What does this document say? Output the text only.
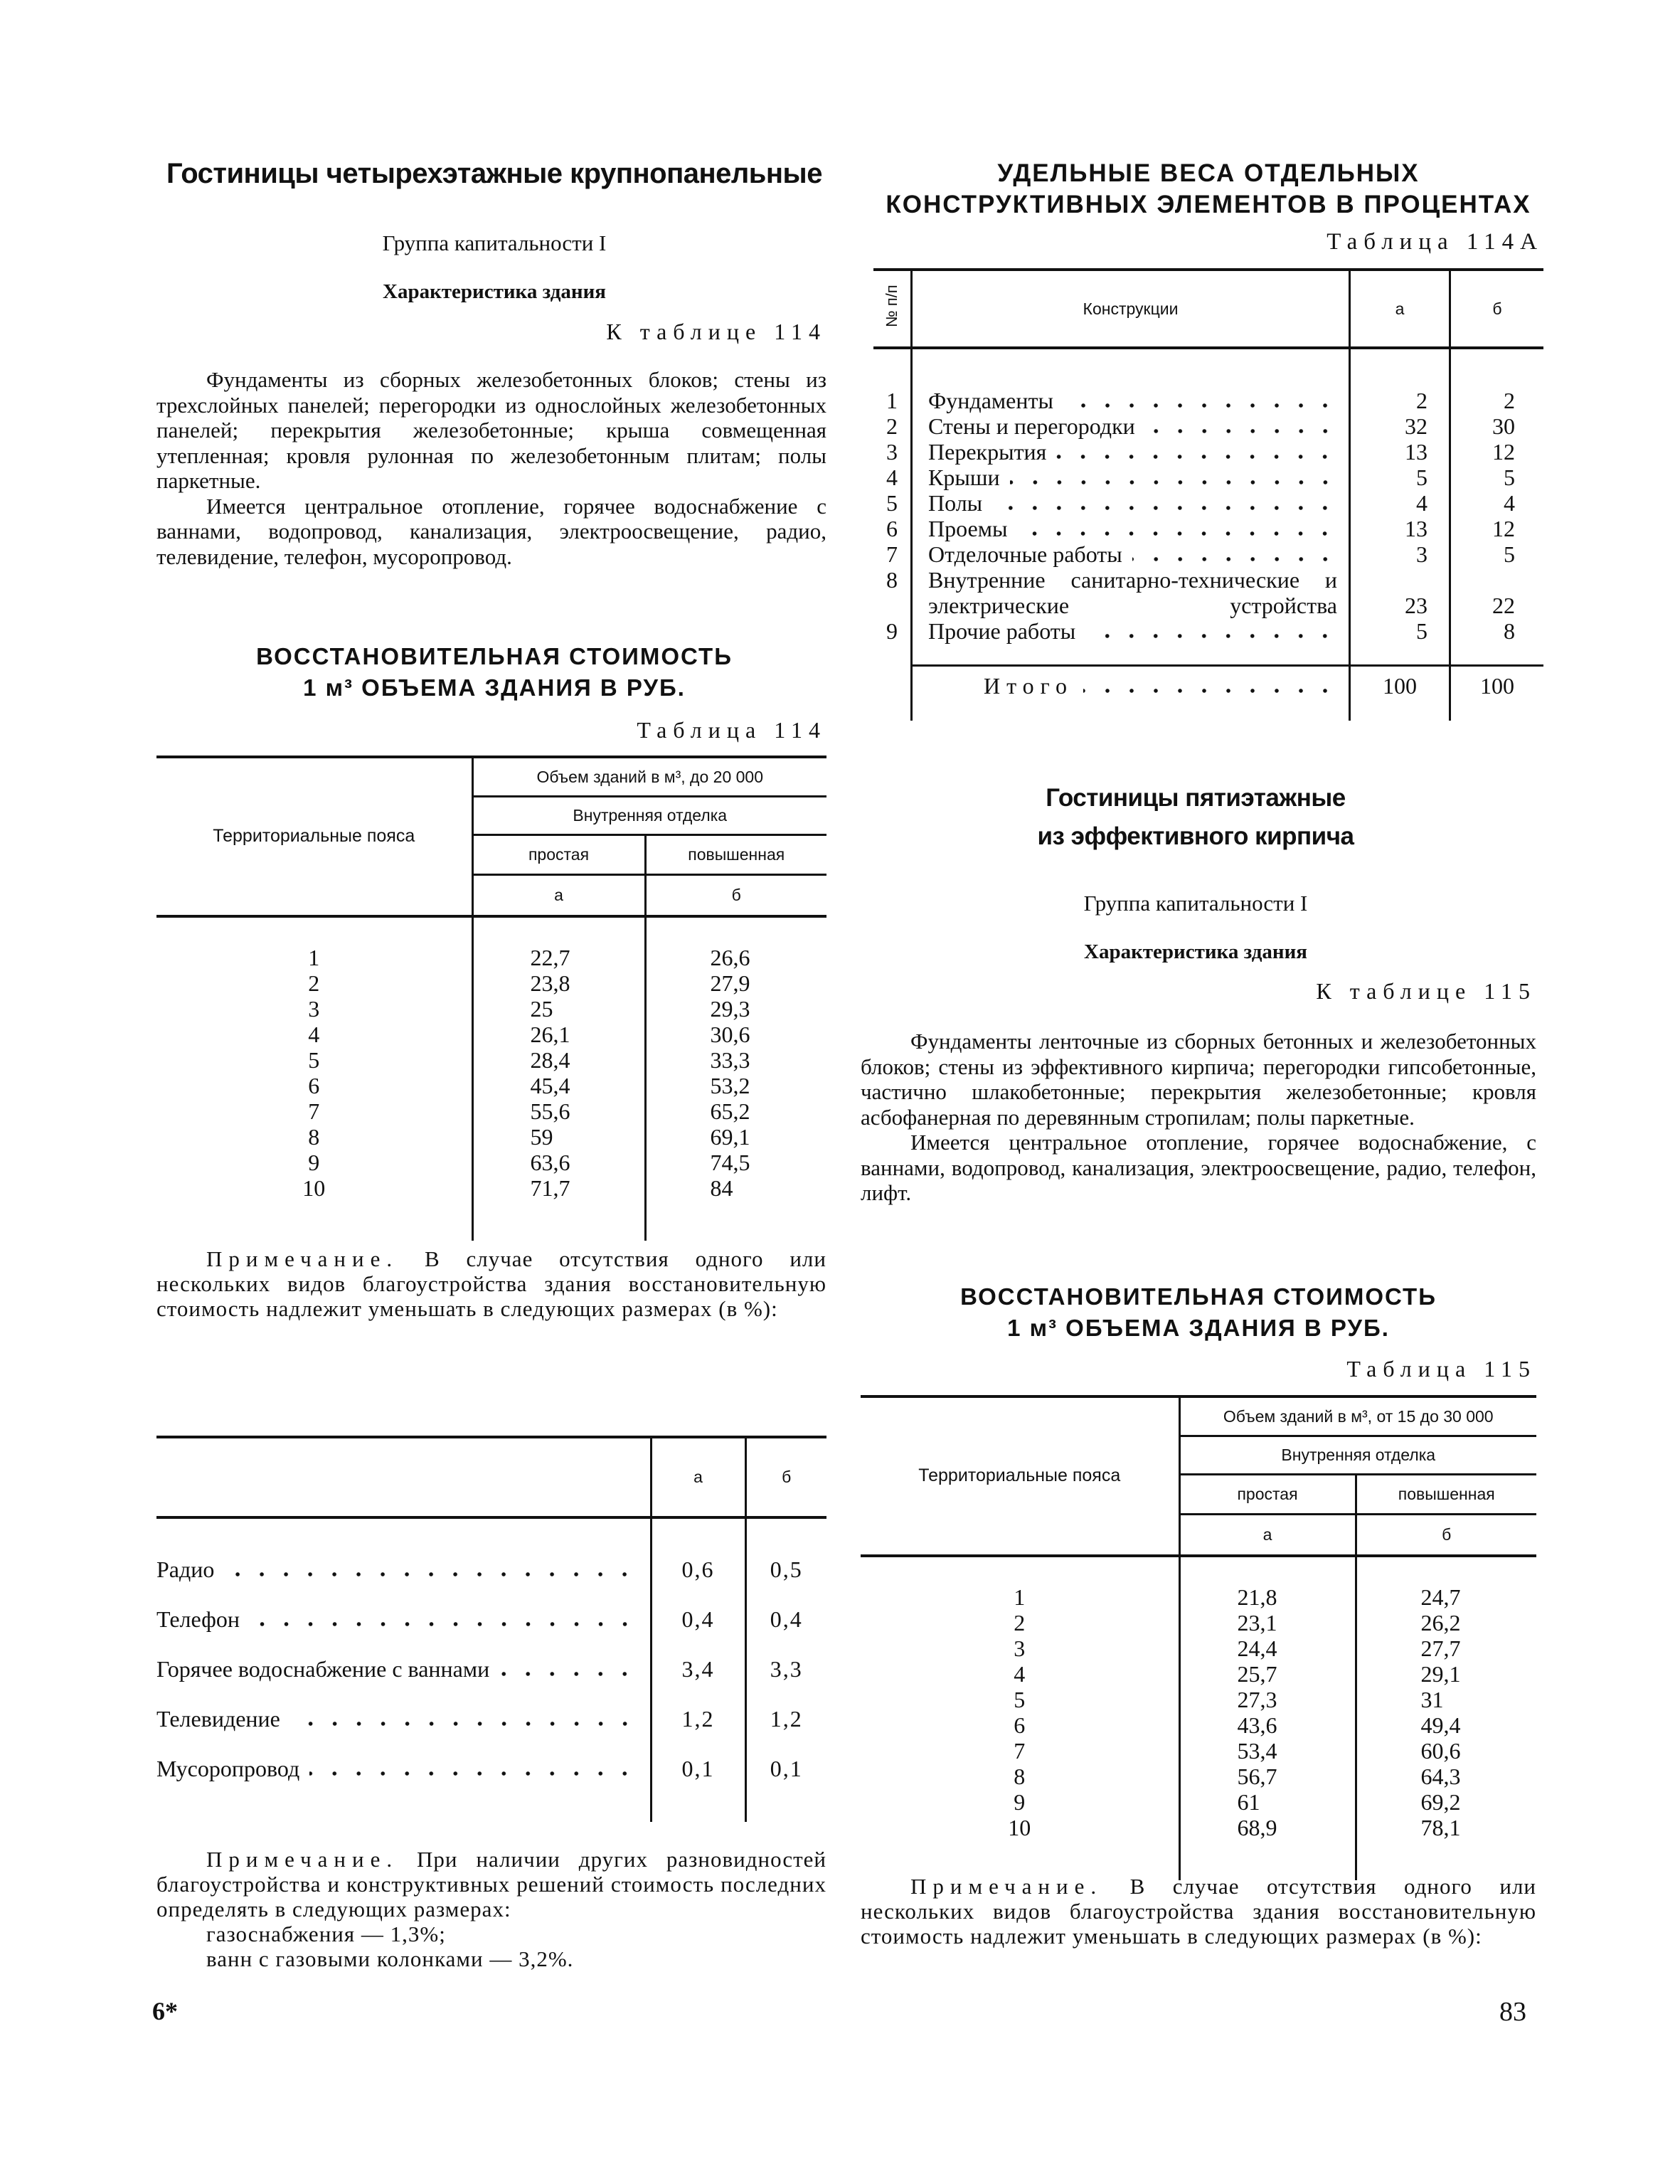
Гостиницы четырехэтажные крупнопанельные
Группа капитальности I
Характеристика здания
К таблице 114

Фундаменты из сборных железобетонных блоков; стены из трехслойных панелей; перегородки из однослойных железобетонных панелей; перекрытия железобетонные; крыша совмещенная утепленная; кровля рулонная по железобетонным плитам; полы паркетные.

Имеется центральное отопление, горячее водоснабжение с ваннами, водопровод, канализация, электроосвещение, радио, телевидение, телефон, мусоропровод.

ВОССТАНОВИТЕЛЬНАЯ СТОИМОСТЬ
1 м³ ОБЪЕМА ЗДАНИЯ В РУБ.
Таблица 114
Территориальные пояса	Объем зданий в м³, до 20 000	
	Внутренняя отделка	
	простая	повышенная
	а	б

1	22,7	26,6
2	23,8	27,9
3	25	29,3
4	26,1	30,6
5	28,4	33,3
6	45,4	53,2
7	55,6	65,2
8	59	69,1
9	63,6	74,5
10	71,7	84

Примечание. В случае отсутствия одного или нескольких видов благоустройства здания восстановительную стоимость надлежит уменьшать в следующих размерах (в %):

	а	б

Радио	0,6	0,5

Телефон	0,4	0,4

Горячее водоснабжение с ваннами	3,4	3,3

Телевидение	1,2	1,2

Мусоропровод	0,1	0,1

Примечание. При наличии других разновидностей благоустройства и конструктивных решений стоимость последних определять в следующих размерах:

газоснабжения — 1,3%;

ванн с газовыми колонками — 3,2%.

6*
УДЕЛЬНЫЕ ВЕСА ОТДЕЛЬНЫХ
КОНСТРУКТИВНЫХ ЭЛЕМЕНТОВ В ПРОЦЕНТАХ
Таблица 114А
№ п/п	Конструкции	а	б

1	Фундаменты	2	2
2	Стены и перегородки	32	30
3	Перекрытия	13	12
4	Крыши	5	5
5	Полы	4	4
6	Проемы	13	12
7	Отделочные работы	3	5
8	Внутренние санитарно-технические и электрические устройства	23	22
9	Прочие работы	5	8

	Итого	100	100

Гостиницы пятиэтажные
из эффективного кирпича
Группа капитальности I
Характеристика здания
К таблице 115

Фундаменты ленточные из сборных бетонных и железобетонных блоков; стены из эффективного кирпича; перегородки гипсобетонные, частично шлакобетонные; перекрытия железобетонные; кровля асбофанерная по деревянным стропилам; полы паркетные.

Имеется центральное отопление, горячее водоснабжение, с ваннами, водопровод, канализация, электроосвещение, радио, телефон, лифт.

ВОССТАНОВИТЕЛЬНАЯ СТОИМОСТЬ
1 м³ ОБЪЕМА ЗДАНИЯ В РУБ.
Таблица 115
Территориальные пояса	Объем зданий в м³, от 15 до 30 000	
	Внутренняя отделка	
	простая	повышенная
	а	б

1	21,8	24,7
2	23,1	26,2
3	24,4	27,7
4	25,7	29,1
5	27,3	31
6	43,6	49,4
7	53,4	60,6
8	56,7	64,3
9	61	69,2
10	68,9	78,1

Примечание. В случае отсутствия одного или нескольких видов благоустройства здания восстановительную стоимость надлежит уменьшать в следующих размерах (в %):

83
